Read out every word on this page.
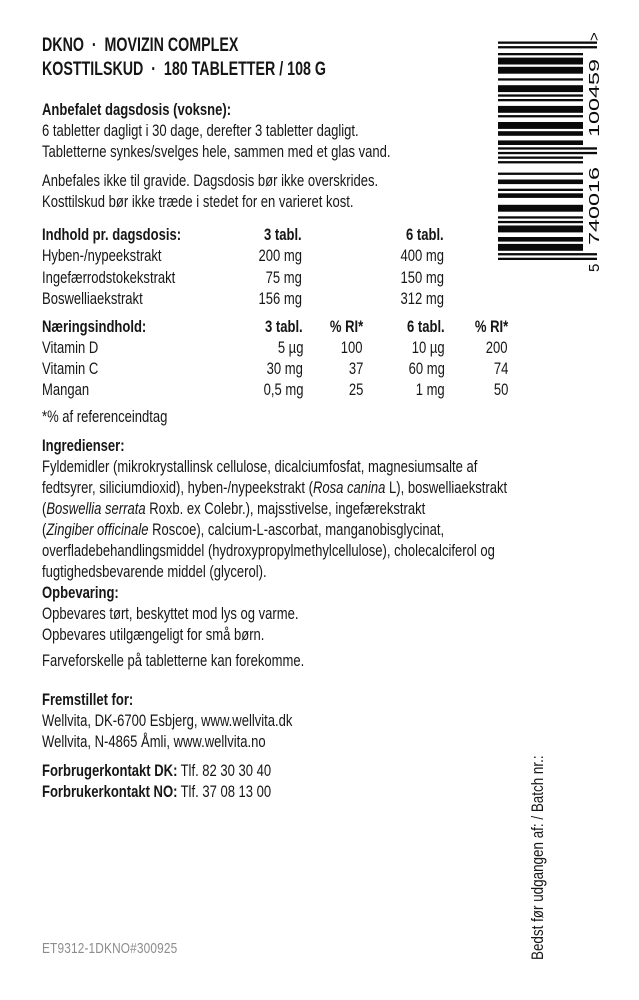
DKNO  ·  MOVIZIN COMPLEX
KOSTTILSKUD  ·  180 TABLETTER / 108 G
Anbefalet dagsdosis (voksne):
6 tabletter dagligt i 30 dage, derefter 3 tabletter dagligt.
Tabletterne synkes/svelges hele, sammen med et glas vand.
Anbefales ikke til gravide. Dagsdosis bør ikke overskrides.
Kosttilskud bør ikke træde i stedet for en varieret kost.
Indhold pr. dagsdosis:	3 tabl.	6 tabl.
Hyben-/nypeekstrakt	200 mg	400 mg
Ingefærrodstokekstrakt	75 mg	150 mg
Boswelliaekstrakt	156 mg	312 mg
Næringsindhold:	3 tabl.	% RI*	6 tabl.	% RI*
Vitamin D	5 µg	100	10 µg	200
Vitamin C	30 mg	37	60 mg	74
Mangan	0,5 mg	25	1 mg	50
*% af referenceindtag
Ingredienser:
Fyldemidler (mikrokrystallinsk cellulose, dicalciumfosfat, magnesiumsalte af
fedtsyrer, siliciumdioxid), hyben-/nypeekstrakt (Rosa canina L), boswelliaekstrakt
(Boswellia serrata Roxb. ex Colebr.), majsstivelse, ingefærekstrakt
(Zingiber officinale Roscoe), calcium-L-ascorbat, manganobisglycinat,
overfladebehandlingsmiddel (hydroxypropylmethylcellulose), cholecalciferol og
fugtighedsbevarende middel (glycerol).
Opbevaring:
Opbevares tørt, beskyttet mod lys og varme.
Opbevares utilgængeligt for små børn.
Farveforskelle på tabletterne kan forekomme.
Fremstillet for:
Wellvita, DK-6700 Esbjerg, www.wellvita.dk
Wellvita, N-4865 Åmli, www.wellvita.no
Forbrugerkontakt DK: Tlf. 82 30 30 40
Forbrukerkontakt NO: Tlf. 37 08 13 00
ET9312-1DKNO#300925
5
740016
100459
>
Bedst før udgangen af: / Batch nr.:
